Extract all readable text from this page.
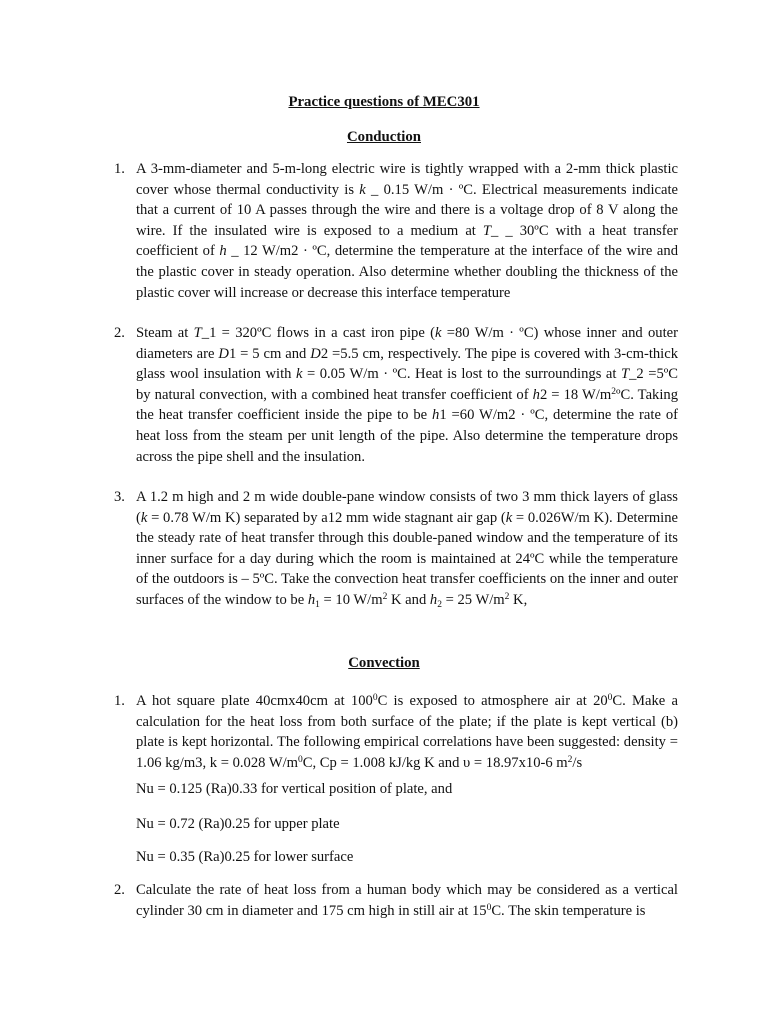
Practice questions of MEC301
Conduction
1. A 3-mm-diameter and 5-m-long electric wire is tightly wrapped with a 2-mm thick plastic cover whose thermal conductivity is k _ 0.15 W/m · ºC. Electrical measurements indicate that a current of 10 A passes through the wire and there is a voltage drop of 8 V along the wire. If the insulated wire is exposed to a medium at T_ _ 30ºC with a heat transfer coefficient of h _ 12 W/m2 · ºC, determine the temperature at the interface of the wire and the plastic cover in steady operation. Also determine whether doubling the thickness of the plastic cover will increase or decrease this interface temperature
2. Steam at T_1 = 320ºC flows in a cast iron pipe (k =80 W/m · ºC) whose inner and outer diameters are D1 = 5 cm and D2 =5.5 cm, respectively. The pipe is covered with 3-cm-thick glass wool insulation with k = 0.05 W/m · ºC. Heat is lost to the surroundings at T_2 =5ºC by natural convection, with a combined heat transfer coefficient of h2 = 18 $W/m^2ºC$. Taking the heat transfer coefficient inside the pipe to be h1 =60 W/m2 · ºC, determine the rate of heat loss from the steam per unit length of the pipe. Also determine the temperature drops across the pipe shell and the insulation.
3. A 1.2 m high and 2 m wide double-pane window consists of two 3 mm thick layers of glass (k = 0.78 W/m K) separated by a12 mm wide stagnant air gap (k = 0.026W/m K). Determine the steady rate of heat transfer through this double-paned window and the temperature of its inner surface for a day during which the room is maintained at 24ºC while the temperature of the outdoors is – 5ºC. Take the convection heat transfer coefficients on the inner and outer surfaces of the window to be $h_1 = 10$ $W/m^2$ K and $h_2 = 25$ $W/m^2$ K,
Convection
1. A hot square plate 40cmx40cm at $100^0C$ is exposed to atmosphere air at $20^0C$. Make a calculation for the heat loss from both surface of the plate; if the plate is kept vertical (b) plate is kept horizontal. The following empirical correlations have been suggested: density = 1.06 kg/m3, k = 0.028 $W/m^0C$, Cp = 1.008 kJ/kg K and υ = 18.97x10-6 $m^2/s$
Nu = 0.125 (Ra)0.33 for vertical position of plate, and
Nu = 0.72 (Ra)0.25 for upper plate
Nu = 0.35 (Ra)0.25 for lower surface
2. Calculate the rate of heat loss from a human body which may be considered as a vertical cylinder 30 cm in diameter and 175 cm high in still air at $15^0C$. The skin temperature is
